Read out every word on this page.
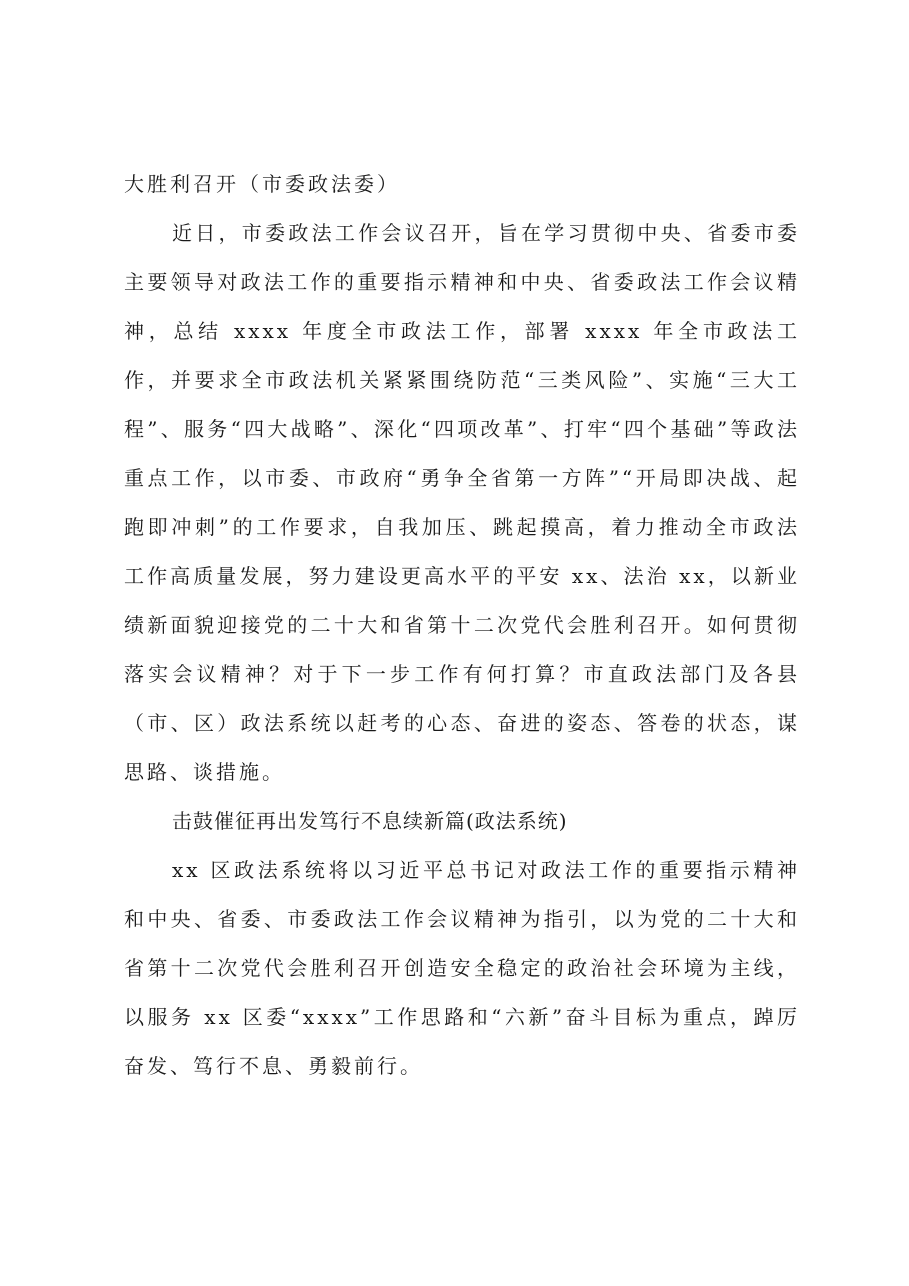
大胜利召开（市委政法委）

近日，市委政法工作会议召开，旨在学习贯彻中央、省委市委主要领导对政法工作的重要指示精神和中央、省委政法工作会议精神，总结 xxxx 年度全市政法工作，部署 xxxx 年全市政法工作，并要求全市政法机关紧紧围绕防范“三类风险”、实施“三大工程”、服务“四大战略”、深化“四项改革”、打牢“四个基础”等政法重点工作，以市委、市政府“勇争全省第一方阵”“开局即决战、起跑即冲刺”的工作要求，自我加压、跳起摸高，着力推动全市政法工作高质量发展，努力建设更高水平的平安 xx、法治 xx，以新业绩新面貌迎接党的二十大和省第十二次党代会胜利召开。如何贯彻落实会议精神？对于下一步工作有何打算？市直政法部门及各县（市、区）政法系统以赶考的心态、奋进的姿态、答卷的状态，谋思路、谈措施。

击鼓催征再出发笃行不息续新篇(政法系统)

xx 区政法系统将以习近平总书记对政法工作的重要指示精神和中央、省委、市委政法工作会议精神为指引，以为党的二十大和省第十二次党代会胜利召开创造安全稳定的政治社会环境为主线，以服务 xx 区委“xxxx”工作思路和“六新”奋斗目标为重点，踔厉奋发、笃行不息、勇毅前行。
